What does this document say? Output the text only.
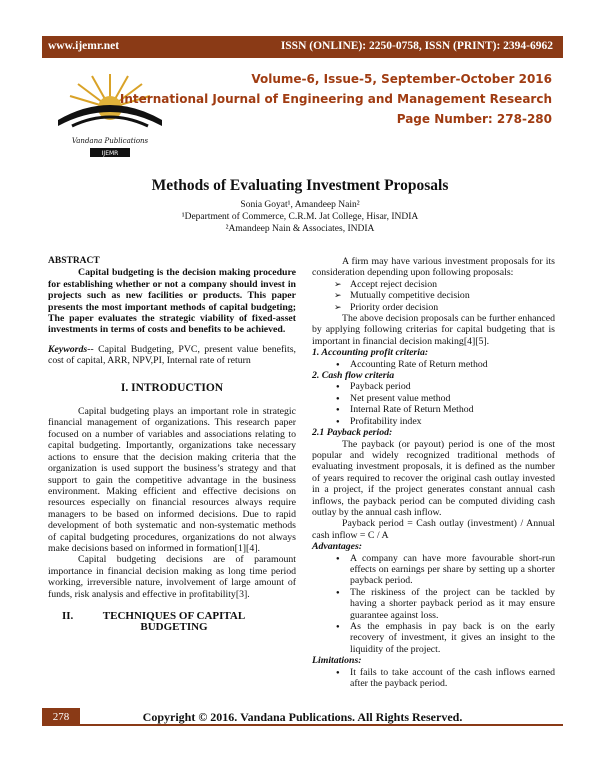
www.ijemr.net	ISSN (ONLINE): 2250-0758, ISSN (PRINT): 2394-6962
Vandana Publications
IJEMR
Volume-6, Issue-5, September-October 2016
International Journal of Engineering and Management Research
Page Number: 278-280
Methods of Evaluating Investment Proposals
Sonia Goyat¹, Amandeep Nain²
¹Department of Commerce, C.R.M. Jat College, Hisar, INDIA
²Amandeep Nain & Associates, INDIA
ABSTRACT

Capital budgeting is the decision making procedure for establishing whether or not a company should invest in projects such as new facilities or products. This paper presents the most important methods of capital budgeting; The paper evaluates the strategic viability of fixed-asset investments in terms of costs and benefits to be achieved.

Keywords-- Capital Budgeting, PVC, present value benefits, cost of capital, ARR, NPV,PI, Internal rate of return

I. INTRODUCTION

Capital budgeting plays an important role in strategic financial management of organizations. This research paper focused on a number of variables and associations relating to capital budgeting. Importantly, organizations take necessary actions to ensure that the decision making criteria that the organization is used support the business’s strategy and that support to gain the competitive advantage in the business environment. Making efficient and effective decisions on resources especially on financial resources always require managers to be based on informed decisions. Due to rapid development of both systematic and non-systematic methods of capital budgeting procedures, organizations do not always make decisions based on informed in formation[1][4].

Capital budgeting decisions are of paramount importance in financial decision making as long time period working, irreversible nature, involvement of large amount of funds, risk analysis and effective in profitability[3].

II.	TECHNIQUES OF CAPITAL BUDGETING

A firm may have various investment proposals for its consideration depending upon following proposals:

➢ Accept reject decision
➢ Mutually competitive decision
➢ Priority order decision

The above decision proposals can be further enhanced by applying following criterias for capital budgeting that is important in financial decision making[4][5].

1. Accounting profit criteria:
● Accounting Rate of Return method
2. Cash flow criteria
● Payback period
● Net present value method
● Internal Rate of Return Method
● Profitability index
2.1 Payback period:

The payback (or payout) period is one of the most popular and widely recognized traditional methods of evaluating investment proposals, it is defined as the number of years required to recover the original cash outlay invested in a project, if the project generates constant annual cash inflows, the payback period can be computed dividing cash outlay by the annual cash inflow.

Payback period = Cash outlay (investment) / Annual cash inflow = C / A

Advantages:
● A company can have more favourable short-run effects on earnings per share by setting up a shorter payback period.
● The riskiness of the project can be tackled by having a shorter payback period as it may ensure guarantee against loss.
● As the emphasis in pay back is on the early recovery of investment, it gives an insight to the liquidity of the project.
Limitations:
● It fails to take account of the cash inflows earned after the payback period.
278	Copyright © 2016. Vandana Publications. All Rights Reserved.
